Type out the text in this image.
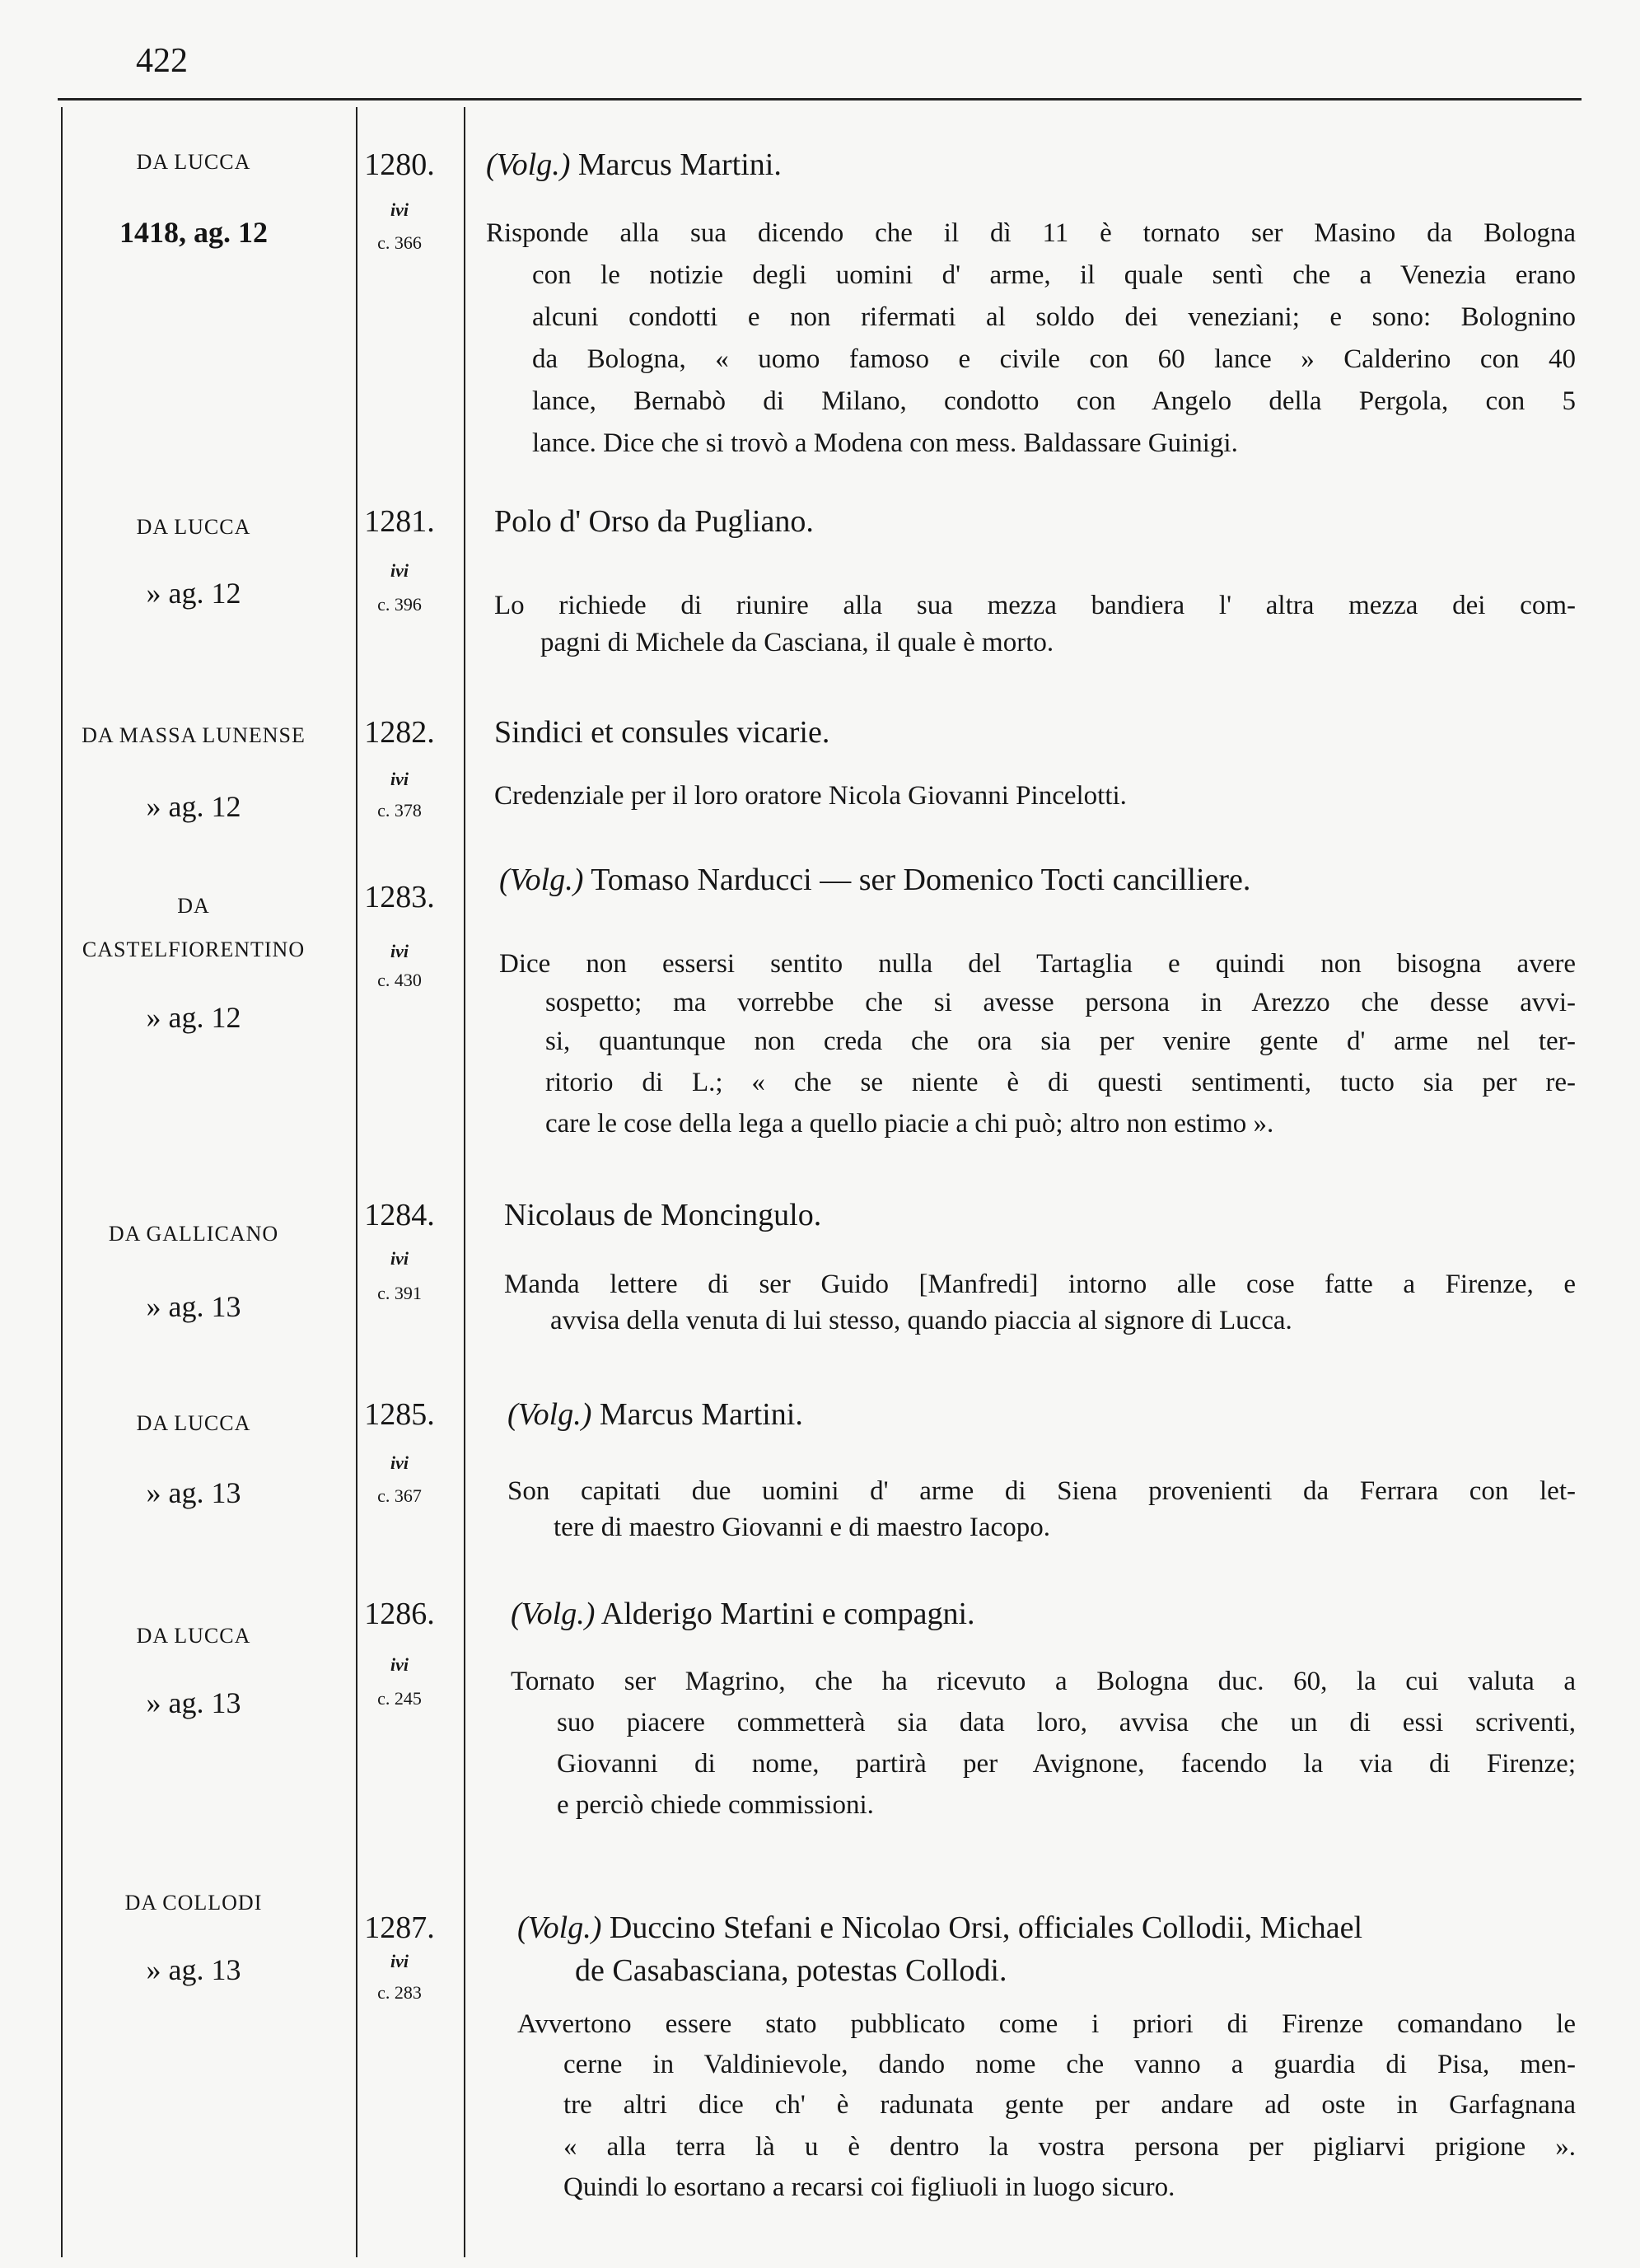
422
DA LUCCA
1418, ag. 12
1280.
ivi
c. 366
(Volg.) Marcus Martini.
Risponde alla sua dicendo che il dì 11 è tornato ser Masino da Bologna
con le notizie degli uomini d' arme, il quale sentì che a Venezia erano
alcuni condotti e non rifermati al soldo dei veneziani; e sono: Bolognino
da Bologna, « uomo famoso e civile con 60 lance » Calderino con 40
lance, Bernabò di Milano, condotto con Angelo della Pergola, con 5
lance. Dice che si trovò a Modena con mess. Baldassare Guinigi.
DA LUCCA
» ag. 12
1281.
ivi
c. 396
Polo d' Orso da Pugliano.
Lo richiede di riunire alla sua mezza bandiera l' altra mezza dei com-
pagni di Michele da Casciana, il quale è morto.
DA MASSA LUNENSE
» ag. 12
1282.
ivi
c. 378
Sindici et consules vicarie.
Credenziale per il loro oratore Nicola Giovanni Pincelotti.
DA
CASTELFIORENTINO
» ag. 12
1283.
ivi
c. 430
(Volg.) Tomaso Narducci — ser Domenico Tocti cancilliere.
Dice non essersi sentito nulla del Tartaglia e quindi non bisogna avere
sospetto; ma vorrebbe che si avesse persona in Arezzo che desse avvi-
si, quantunque non creda che ora sia per venire gente d' arme nel ter-
ritorio di L.; « che se niente è di questi sentimenti, tucto sia per re-
care le cose della lega a quello piacie a chi può; altro non estimo ».
DA GALLICANO
» ag. 13
1284.
ivi
c. 391
Nicolaus de Moncingulo.
Manda lettere di ser Guido [Manfredi] intorno alle cose fatte a Firenze, e
avvisa della venuta di lui stesso, quando piaccia al signore di Lucca.
DA LUCCA
» ag. 13
1285.
ivi
c. 367
(Volg.) Marcus Martini.
Son capitati due uomini d' arme di Siena provenienti da Ferrara con let-
tere di maestro Giovanni e di maestro Iacopo.
DA LUCCA
» ag. 13
1286.
ivi
c. 245
(Volg.) Alderigo Martini e compagni.
Tornato ser Magrino, che ha ricevuto a Bologna duc. 60, la cui valuta a
suo piacere commetterà sia data loro, avvisa che un di essi scriventi,
Giovanni di nome, partirà per Avignone, facendo la via di Firenze;
e perciò chiede commissioni.
DA COLLODI
» ag. 13
1287.
ivi
c. 283
(Volg.) Duccino Stefani e Nicolao Orsi, officiales Collodii, Michael
de Casabasciana, potestas Collodi.
Avvertono essere stato pubblicato come i priori di Firenze comandano le
cerne in Valdinievole, dando nome che vanno a guardia di Pisa, men-
tre altri dice ch' è radunata gente per andare ad oste in Garfagnana
« alla terra là u è dentro la vostra persona per pigliarvi prigione ».
Quindi lo esortano a recarsi coi figliuoli in luogo sicuro.
